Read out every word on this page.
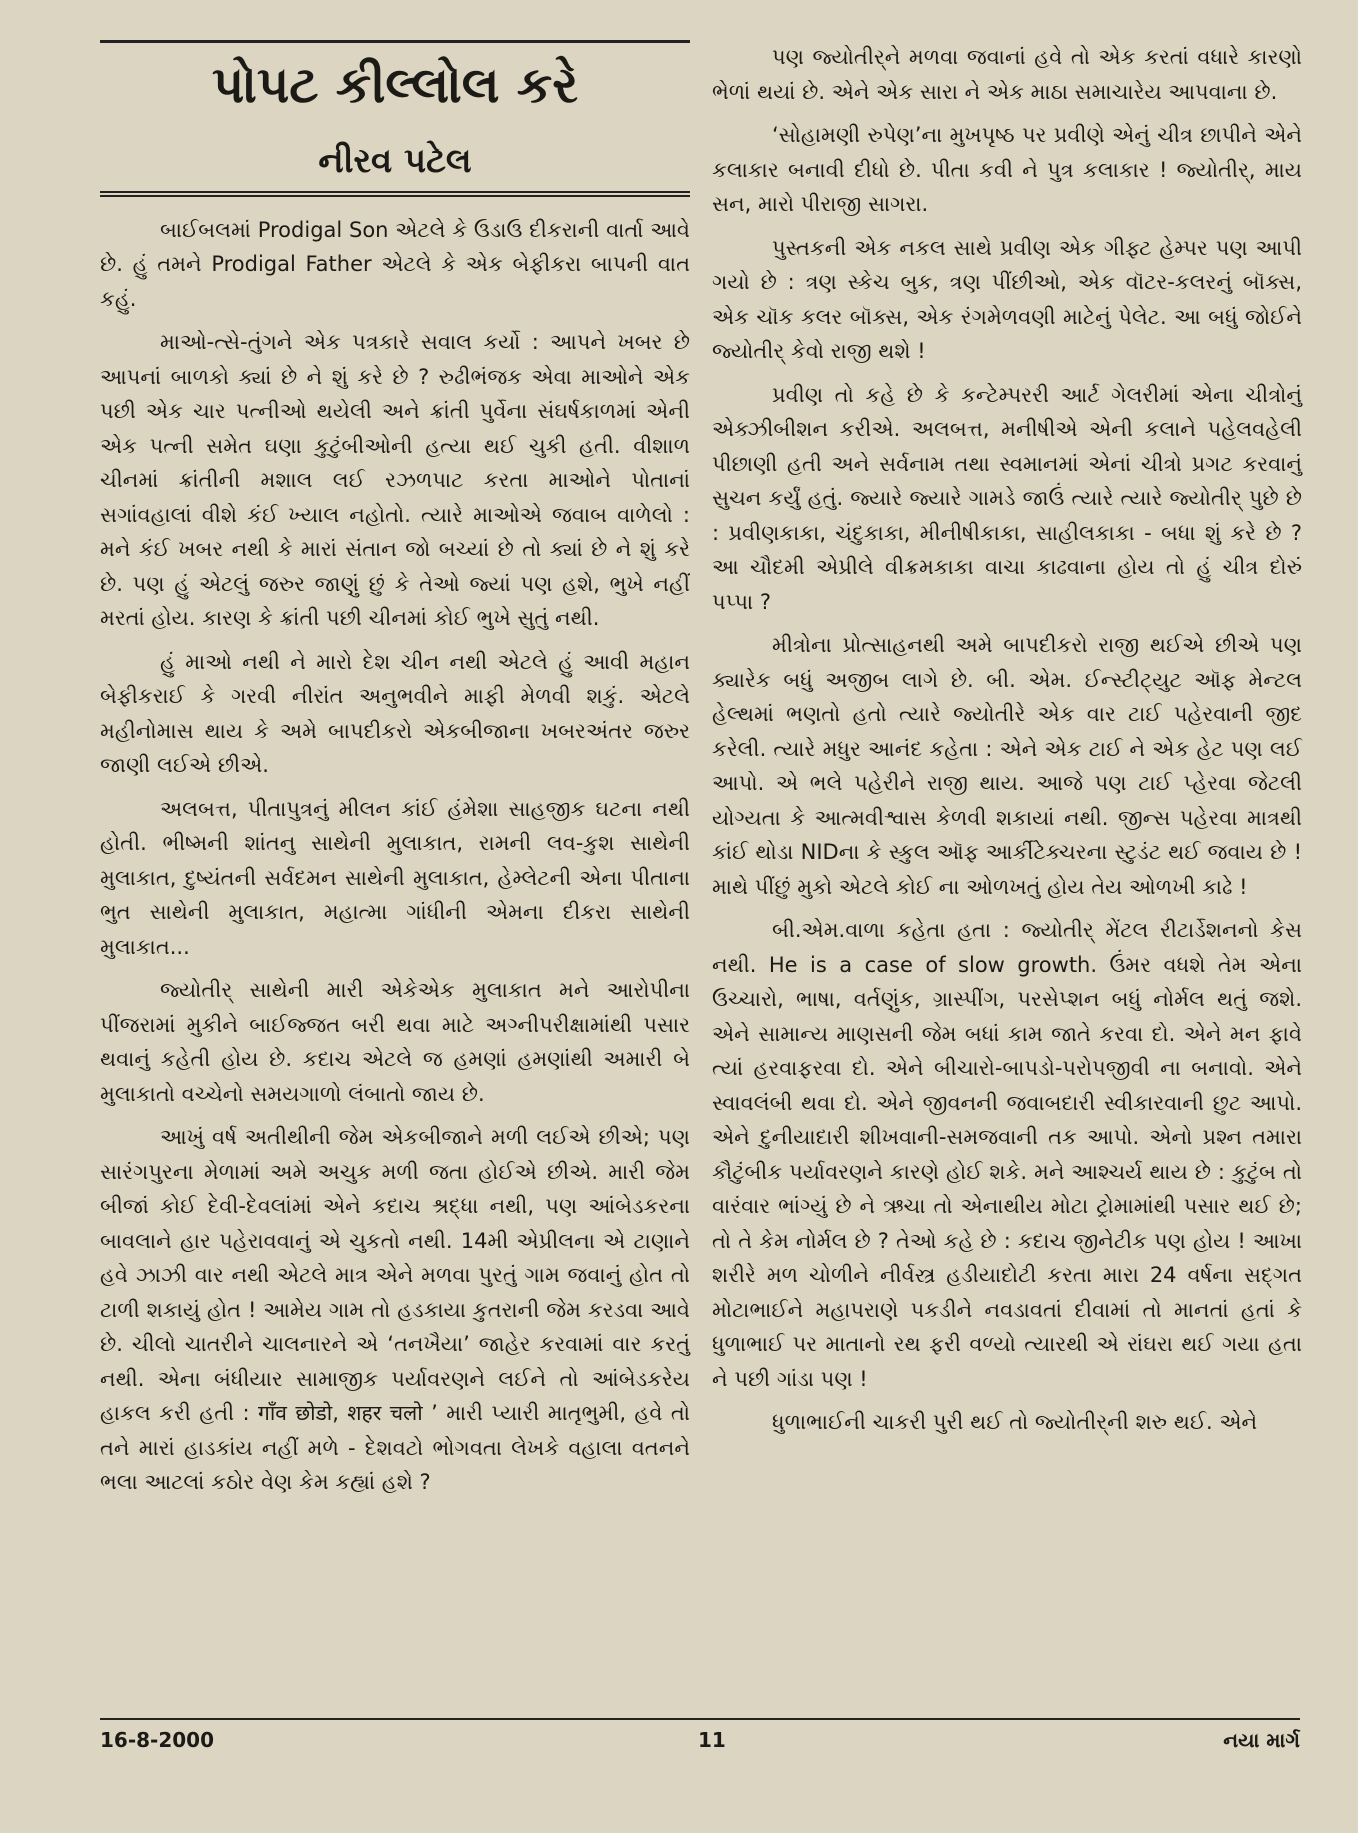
પોપટ કીલ્લોલ કરે
નીરવ પટેલ

બાઈબલમાં Prodigal Son એટલે કે ઉડાઉ દીકરાની વાર્તા આવે છે. હું તમને Prodigal Father એટલે કે એક બેફીકરા બાપની વાત કહું.

માઓ-ત્સે-તુંગને એક પત્રકારે સવાલ કર્યો : આપને ખબર છે આપનાં બાળકો ક્યાં છે ને શું કરે છે ? રુઢીભંજક એવા માઓને એક પછી એક ચાર પત્નીઓ થયેલી અને ક્રાંતી પુર્વેના સંઘર્ષકાળમાં એની એક પત્ની સમેત ઘણા કુટુંબીઓની હત્યા થઈ ચુકી હતી. વીશાળ ચીનમાં ક્રાંતીની મશાલ લઈ રઝળપાટ કરતા માઓને પોતાનાં સગાંવહાલાં વીશે કંઈ ખ્યાલ નહોતો. ત્યારે માઓએ જવાબ વાળેલો : મને કંઈ ખબર નથી કે મારાં સંતાન જો બચ્યાં છે તો ક્યાં છે ને શું કરે છે. પણ હું એટલું જરુર જાણું છું કે તેઓ જ્યાં પણ હશે, ભુખે નહીં મરતાં હોય. કારણ કે ક્રાંતી પછી ચીનમાં કોઈ ભુખે સુતું નથી.

હું માઓ નથી ને મારો દેશ ચીન નથી એટલે હું આવી મહાન બેફીકરાઈ કે ગરવી નીરાંત અનુભવીને માફી મેળવી શકું. એટલે મહીનોમાસ થાય કે અમે બાપદીકરો એકબીજાના ખબરઅંતર જરુર જાણી લઈએ છીએ.

અલબત્ત, પીતાપુત્રનું મીલન કાંઈ હંમેશા સાહજીક ઘટના નથી હોતી. ભીષ્મની શાંતનુ સાથેની મુલાકાત, રામની લવ-કુશ સાથેની મુલાકાત, દુષ્યંતની સર્વદમન સાથેની મુલાકાત, હેમ્લેટની એના પીતાના ભુત સાથેની મુલાકાત, મહાત્મા ગાંધીની એમના દીકરા સાથેની મુલાકાત...

જ્યોતીર્ સાથેની મારી એકેએક મુલાકાત મને આરોપીના પીંજરામાં મુકીને બાઈજ્જત બરી થવા માટે અગ્નીપરીક્ષામાંથી પસાર થવાનું કહેતી હોય છે. કદાચ એટલે જ હમણાં હમણાંથી અમારી બે મુલાકાતો વચ્ચેનો સમયગાળો લંબાતો જાય છે.

આખું વર્ષ અતીથીની જેમ એકબીજાને મળી લઈએ છીએ; પણ સારંગપુરના મેળામાં અમે અચુક મળી જતા હોઈએ છીએ. મારી જેમ બીજાં કોઈ દેવી-દેવલાંમાં એને કદાચ શ્રદ્ધા નથી, પણ આંબેડકરના બાવલાને હાર પહેરાવવાનું એ ચુકતો નથી. 14મી એપ્રીલના એ ટાણાને હવે ઝાઝી વાર નથી એટલે માત્ર એને મળવા પુરતું ગામ જવાનું હોત તો ટાળી શકાયું હોત ! આમેય ગામ તો હડકાયા કુતરાની જેમ કરડવા આવે છે. ચીલો ચાતરીને ચાલનારને એ ‘તનખૈયા’ જાહેર કરવામાં વાર કરતું નથી. એના બંધીયાર સામાજીક પર્યાવરણને લઈને તો આંબેડકરેય હાકલ કરી હતી : गाँव छोडो, शहर चलो ’ મારી પ્યારી માતૃભુમી, હવે તો તને મારાં હાડકાંય નહીં મળે - દેશવટો ભોગવતા લેખકે વહાલા વતનને ભલા આટલાં કઠોર વેણ કેમ કહ્યાં હશે ?

પણ જ્યોતીર્‌ને મળવા જવાનાં હવે તો એક કરતાં વધારે કારણો ભેળાં થયાં છે. એને એક સારા ને એક માઠા સમાચારેય આપવાના છે.

‘સોહામણી રુપેણ’ના મુખપૃષ્ઠ પર પ્રવીણે એનું ચીત્ર છાપીને એને કલાકાર બનાવી દીધો છે. પીતા કવી ને પુત્ર કલાકાર ! જ્યોતીર્, માય સન, મારો પીરાજી સાગરા.

પુસ્તકની એક નકલ સાથે પ્રવીણ એક ગીફ્ટ હેમ્પર પણ આપી ગયો છે : ત્રણ સ્કેચ બુક, ત્રણ પીંછીઓ, એક વૉટર-કલરનું બૉક્સ, એક ચૉક કલર બૉક્સ, એક રંગમેળવણી માટેનું પેલેટ. આ બધું જોઈને જ્યોતીર્ કેવો રાજી થશે !

પ્રવીણ તો કહે છે કે કન્ટેમ્પરરી આર્ટ ગેલરીમાં એના ચીત્રોનું એક્ઝીબીશન કરીએ. અલબત્ત, મનીષીએ એની કલાને પહેલવહેલી પીછાણી હતી અને સર્વનામ તથા સ્વમાનમાં એનાં ચીત્રો પ્રગટ કરવાનું સુચન કર્યું હતું. જ્યારે જ્યારે ગામડે જાઉં ત્યારે ત્યારે જ્યોતીર્ પુછે છે : પ્રવીણકાકા, ચંદુકાકા, મીનીષીકાકા, સાહીલકાકા - બધા શું કરે છે ? આ ચૌદમી એપ્રીલે વીક્રમકાકા વાચા કાઢવાના હોય તો હું ચીત્ર દોરું પપ્પા ?

મીત્રોના પ્રોત્સાહનથી અમે બાપદીકરો રાજી થઈએ છીએ પણ ક્યારેક બધું અજીબ લાગે છે. બી. એમ. ઈન્સ્ટીટ્યુટ ઑફ મેન્ટલ હેલ્થમાં ભણતો હતો ત્યારે જ્યોતીરે એક વાર ટાઈ પહેરવાની જીદ કરેલી. ત્યારે મધુર આનંદ કહેતા : એને એક ટાઈ ને એક હેટ પણ લઈ આપો. એ ભલે પહેરીને રાજી થાય. આજે પણ ટાઈ પ્હેરવા જેટલી યોગ્યતા કે આત્મવીશ્વાસ કેળવી શકાયાં નથી. જીન્સ પહેરવા માત્રથી કાંઈ થોડા NIDના કે સ્કુલ ઑફ આર્કીટેક્ચરના સ્ટુડંટ થઈ જવાય છે ! માથે પીંછું મુકો એટલે કોઈ ના ઓળખતું હોય તેય ઓળખી કાઢે !

બી.એમ.વાળા કહેતા હતા : જ્યોતીર્ મેંટલ રીટાર્ડેશનનો કેસ નથી. He is a case of slow growth. ઉંમર વધશે તેમ એના ઉચ્ચારો, ભાષા, વર્તણુંક, ગ્રાસ્પીંગ, પરસેપ્શન બધું નોર્મલ થતું જશે. એને સામાન્ય માણસની જેમ બધાં કામ જાતે કરવા દો. એને મન ફાવે ત્યાં હરવાફરવા દો. એને બીચારો-બાપડો-પરોપજીવી ના બનાવો. એને સ્વાવલંબી થવા દો. એને જીવનની જવાબદારી સ્વીકારવાની છુટ આપો. એને દુનીયાદારી શીખવાની-સમજવાની તક આપો. એનો પ્રશ્ન તમારા કૌટુંબીક પર્યાવરણને કારણે હોઈ શકે. મને આશ્ચર્ય થાય છે : કુટુંબ તો વારંવાર ભાંગ્યું છે ને ઋચા તો એનાથીય મોટા ટ્રોમામાંથી પસાર થઈ છે; તો તે કેમ નોર્મલ છે ? તેઓ કહે છે : કદાચ જીનેટીક પણ હોય ! આખા શરીરે મળ ચોળીને નીર્વસ્ત્ર હડીયાદોટી કરતા મારા 24 વર્ષના સદ્ગત મોટાભાઈને મહાપરાણે પકડીને નવડાવતાં દીવામાં તો માનતાં હતાં કે ધુળાભાઈ પર માતાનો રથ ફરી વળ્યો ત્યારથી એ રાંઘરા થઈ ગયા હતા ને પછી ગાંડા પણ !

ધુળાભાઈની ચાકરી પુરી થઈ તો જ્યોતીર્‌ની શરુ થઈ. એને

16-8-2000	11	નયા માર્ગ
